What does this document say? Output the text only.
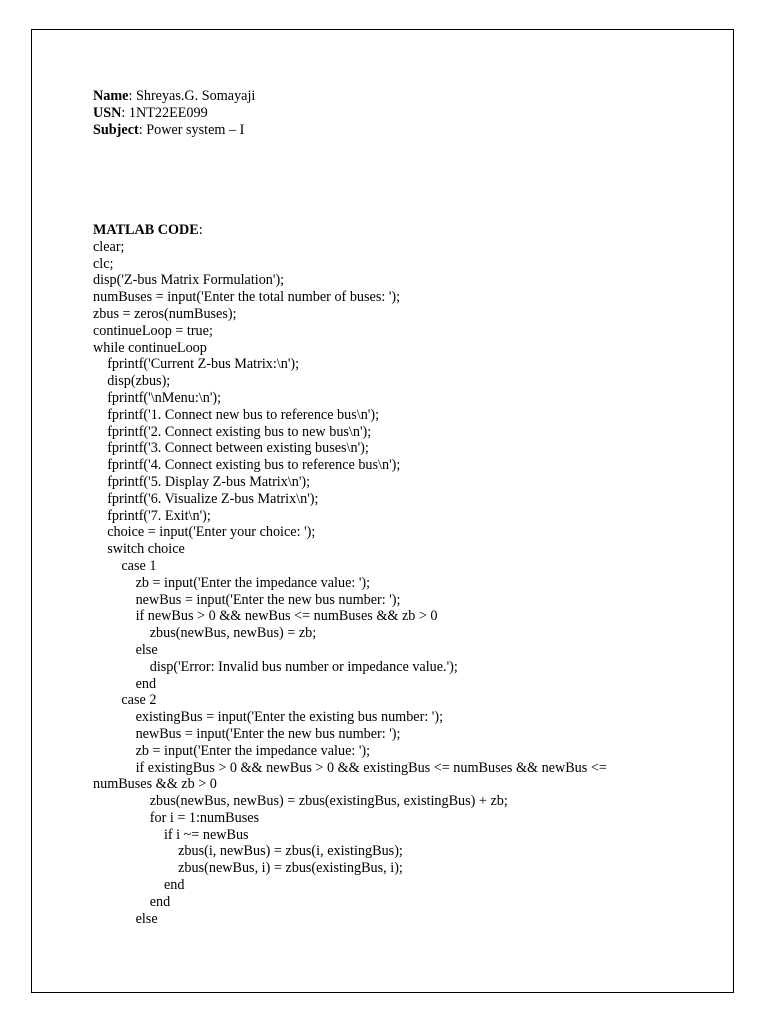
Name: Shreyas.G. Somayaji
USN: 1NT22EE099
Subject: Power system – I
MATLAB CODE:
clear;
clc;
disp('Z-bus Matrix Formulation');
numBuses = input('Enter the total number of buses: ');
zbus = zeros(numBuses);
continueLoop = true;
while continueLoop
fprintf('Current Z-bus Matrix:\n');
disp(zbus);
fprintf('\nMenu:\n');
fprintf('1. Connect new bus to reference bus\n');
fprintf('2. Connect existing bus to new bus\n');
fprintf('3. Connect between existing buses\n');
fprintf('4. Connect existing bus to reference bus\n');
fprintf('5. Display Z-bus Matrix\n');
fprintf('6. Visualize Z-bus Matrix\n');
fprintf('7. Exit\n');
choice = input('Enter your choice: ');
switch choice
case 1
zb = input('Enter the impedance value: ');
newBus = input('Enter the new bus number: ');
if newBus > 0 && newBus <= numBuses && zb > 0
zbus(newBus, newBus) = zb;
else
disp('Error: Invalid bus number or impedance value.');
end
case 2
existingBus = input('Enter the existing bus number: ');
newBus = input('Enter the new bus number: ');
zb = input('Enter the impedance value: ');
if existingBus > 0 && newBus > 0 && existingBus <= numBuses && newBus <=
numBuses && zb > 0
zbus(newBus, newBus) = zbus(existingBus, existingBus) + zb;
for i = 1:numBuses
if i ~= newBus
zbus(i, newBus) = zbus(i, existingBus);
zbus(newBus, i) = zbus(existingBus, i);
end
end
else
